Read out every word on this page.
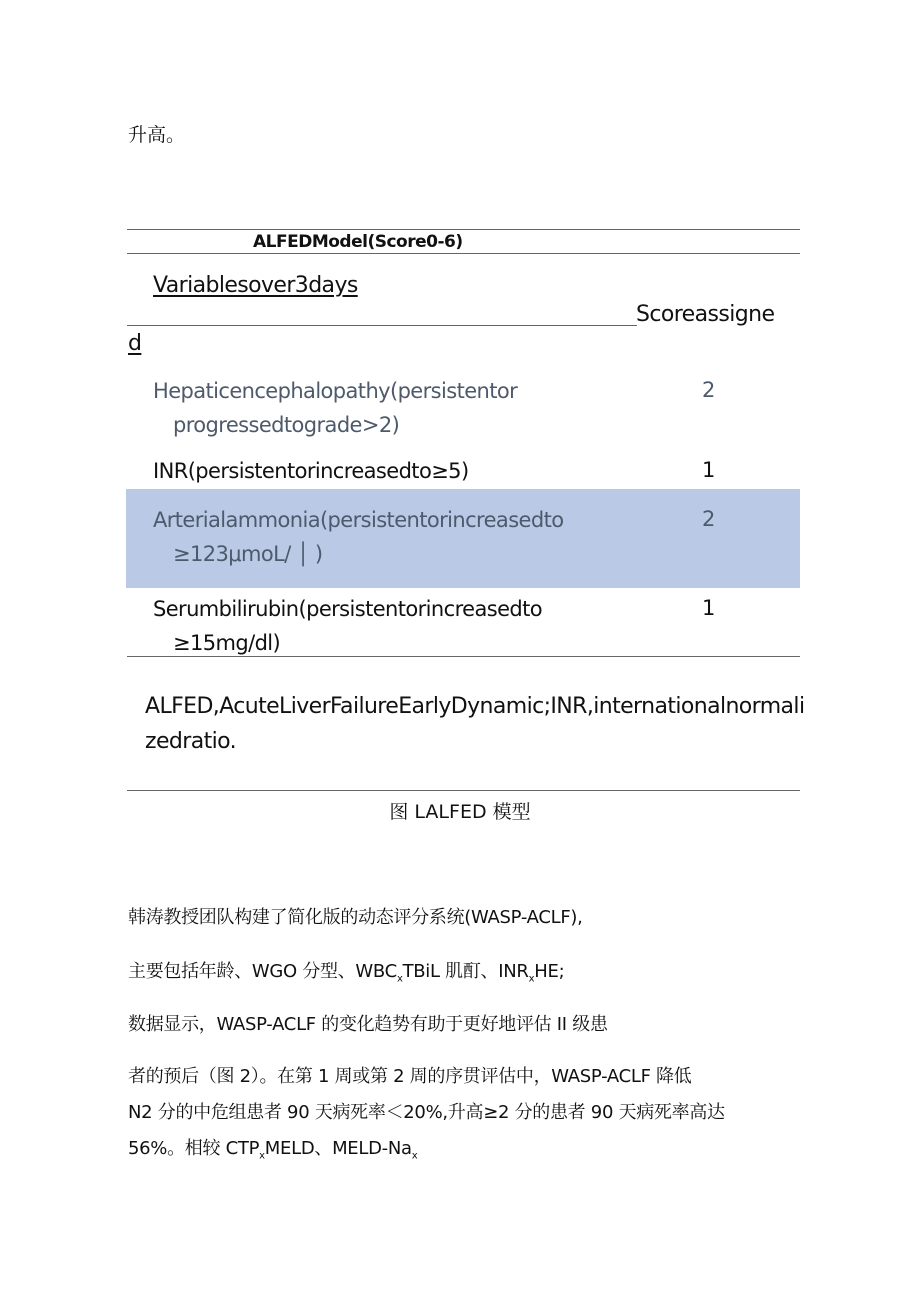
升高。
ALFEDModel(Score0-6)
Variablesover3days
Scoreassigne
d
Hepaticencephalopathy(persistentor
progressedtograde>2)
2
INR(persistentorincreasedto≥5)	1
Arterialammonia(persistentorincreasedto
≥123μmoL/ │ )
2
Serumbilirubin(persistentorincreasedto
≥15mg/dl)
1
ALFED,AcuteLiverFailureEarlyDynamic;INR,internationalnormalizedratio.
图 LALFED 模型
韩涛教授团队构建了简化版的动态评分系统(WASP-ACLF),
主要包括年龄、WGO 分型、$WBC_xTBiL$ 肌酊、$INR_xHE$;
数据显示，WASP-ACLF 的变化趋势有助于更好地评估 II 级患
者的预后（图 2）。在第 1 周或第 2 周的序贯评估中，WASP-ACLF 降低
N2 分的中危组患者 90 天病死率＜20%,升高≥2 分的患者 90 天病死率高达
56%。相较 $CTP_xMELD$、MELD-$Na_x$
